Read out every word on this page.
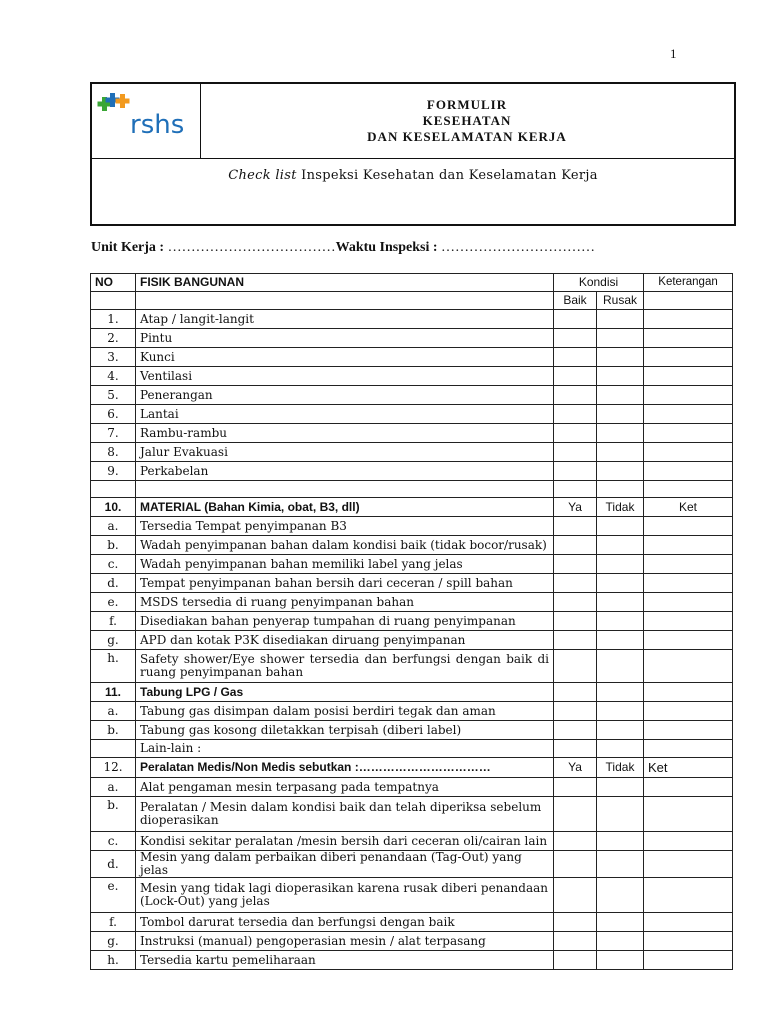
1
rshs
FORMULIR
KESEHATAN
DAN KESELAMATAN KERJA
Check list Inspeksi Kesehatan dan Keselamatan Kerja
Unit Kerja : ………………………………Waktu Inspeksi : ……………………………
NO	FISIK BANGUNAN	Kondisi		Keterangan
		Baik	Rusak	
1.	Atap / langit-langit			
2.	Pintu			
3.	Kunci			
4.	Ventilasi			
5.	Penerangan			
6.	Lantai			
7.	Rambu-rambu			
8.	Jalur Evakuasi			
9.	Perkabelan			

10.	MATERIAL (Bahan Kimia, obat, B3, dll)	Ya	Tidak	Ket
a.	Tersedia Tempat penyimpanan B3			
b.	Wadah penyimpanan bahan dalam kondisi baik (tidak bocor/rusak)			
c.	Wadah penyimpanan bahan memiliki label yang jelas			
d.	Tempat penyimpanan bahan bersih dari ceceran / spill bahan			
e.	MSDS tersedia di ruang penyimpanan bahan			
f.	Disediakan bahan penyerap tumpahan di ruang penyimpanan			
g.	APD dan kotak P3K disediakan diruang penyimpanan			
h.	Safety shower/Eye shower tersedia dan berfungsi dengan baik di ruang penyimpanan bahan			
11.	Tabung LPG / Gas			
a.	Tabung gas disimpan dalam posisi berdiri tegak dan aman			
b.	Tabung gas kosong diletakkan terpisah (diberi label)			
	Lain-lain :			
12.	Peralatan Medis/Non Medis sebutkan :……………………………	Ya	Tidak	Ket
a.	Alat pengaman mesin terpasang pada tempatnya			
b.	Peralatan / Mesin dalam kondisi baik dan telah diperiksa sebelum dioperasikan			
c.	Kondisi sekitar peralatan /mesin bersih dari ceceran oli/cairan lain			
d.	Mesin yang dalam perbaikan diberi penandaan (Tag-Out) yang jelas			
e.	Mesin yang tidak lagi dioperasikan karena rusak diberi penandaan (Lock-Out) yang jelas			
f.	Tombol darurat tersedia dan berfungsi dengan baik			
g.	Instruksi (manual) pengoperasian mesin / alat terpasang			
h.	Tersedia kartu pemeliharaan			
